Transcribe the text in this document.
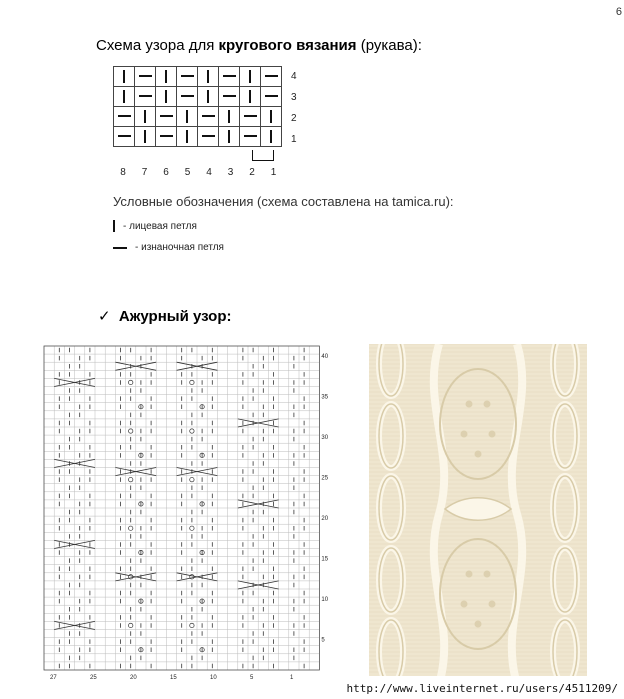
6
Схема узора для кругового вязания (рукава):

4
3
2
1
8	7	6	5	4	3	2	1
Условные обозначения (схема составлена на tamica.ru):
- лицевая петля
- изнаночная петля
✓ Ажурный узор:
40
35
30
25
20
15
10
5
27	25	20	15	10	5	1
http://www.liveinternet.ru/users/4511209/
